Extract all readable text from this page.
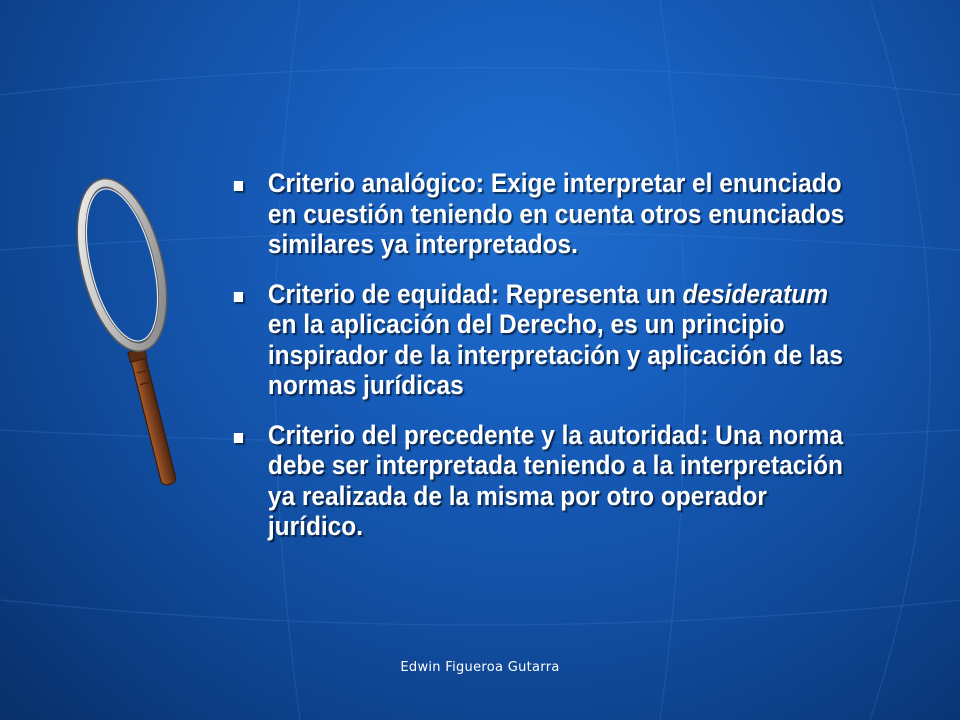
Criterio analógico: Exige interpretar el enunciado
en cuestión teniendo en cuenta otros enunciados
similares ya interpretados.
Criterio de equidad: Representa un desideratum
en la aplicación del Derecho, es un principio
inspirador de la interpretación y aplicación de las
normas jurídicas
Criterio del precedente y la autoridad: Una norma
debe ser interpretada teniendo a la interpretación
ya realizada de la misma por otro operador
jurídico.
Edwin Figueroa Gutarra
